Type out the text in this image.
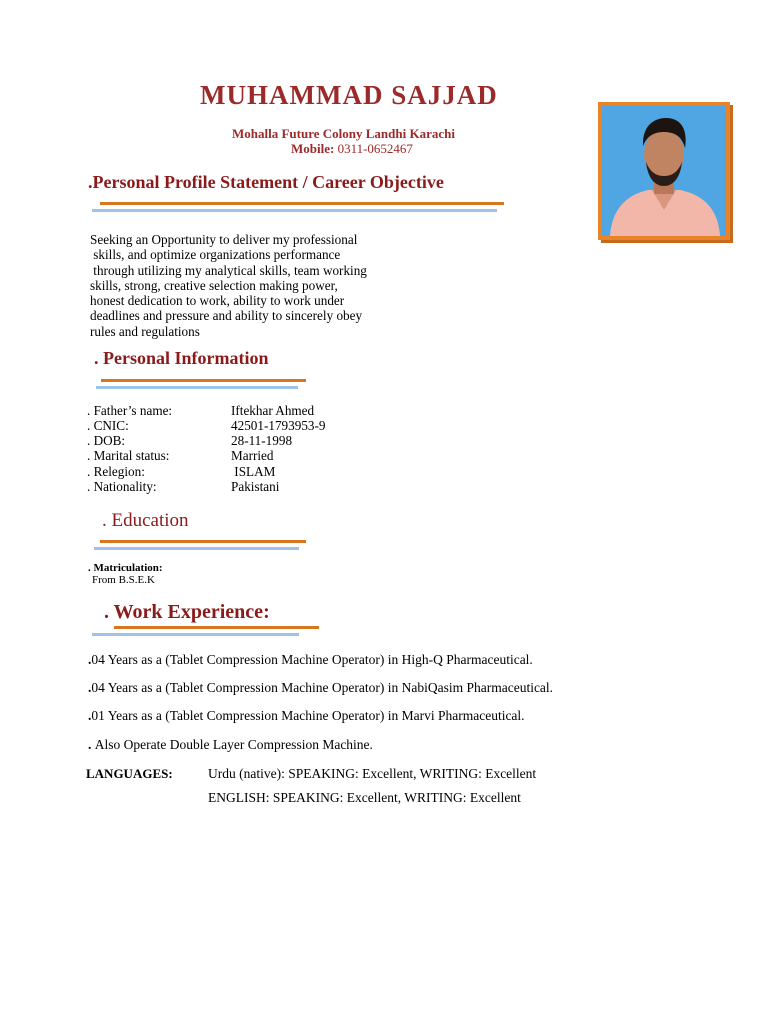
MUHAMMAD SAJJAD
Mohalla Future Colony Landhi Karachi
Mobile: 0311-0652467
.Personal Profile Statement / Career Objective
Seeking an Opportunity to deliver my professional
skills, and optimize organizations performance
through utilizing my analytical skills, team working
skills, strong, creative selection making power,
honest dedication to work, ability to work under
deadlines and pressure and ability to sincerely obey
rules and regulations
. Personal Information
. Father’s name:	Iftekhar Ahmed
. CNIC:	42501-1793953-9
. DOB:	28-11-1998
. Marital status:	Married
. Relegion:	ISLAM
. Nationality:	Pakistani
. Education
. Matriculation:
From B.S.E.K
. Work Experience:
.04 Years as a (Tablet Compression Machine Operator) in High-Q Pharmaceutical.
.04 Years as a (Tablet Compression Machine Operator) in NabiQasim Pharmaceutical.
.01 Years as a (Tablet Compression Machine Operator) in Marvi Pharmaceutical.
. Also Operate Double Layer Compression Machine.
LANGUAGES:	Urdu (native): SPEAKING: Excellent, WRITING: Excellent
ENGLISH: SPEAKING: Excellent, WRITING: Excellent
